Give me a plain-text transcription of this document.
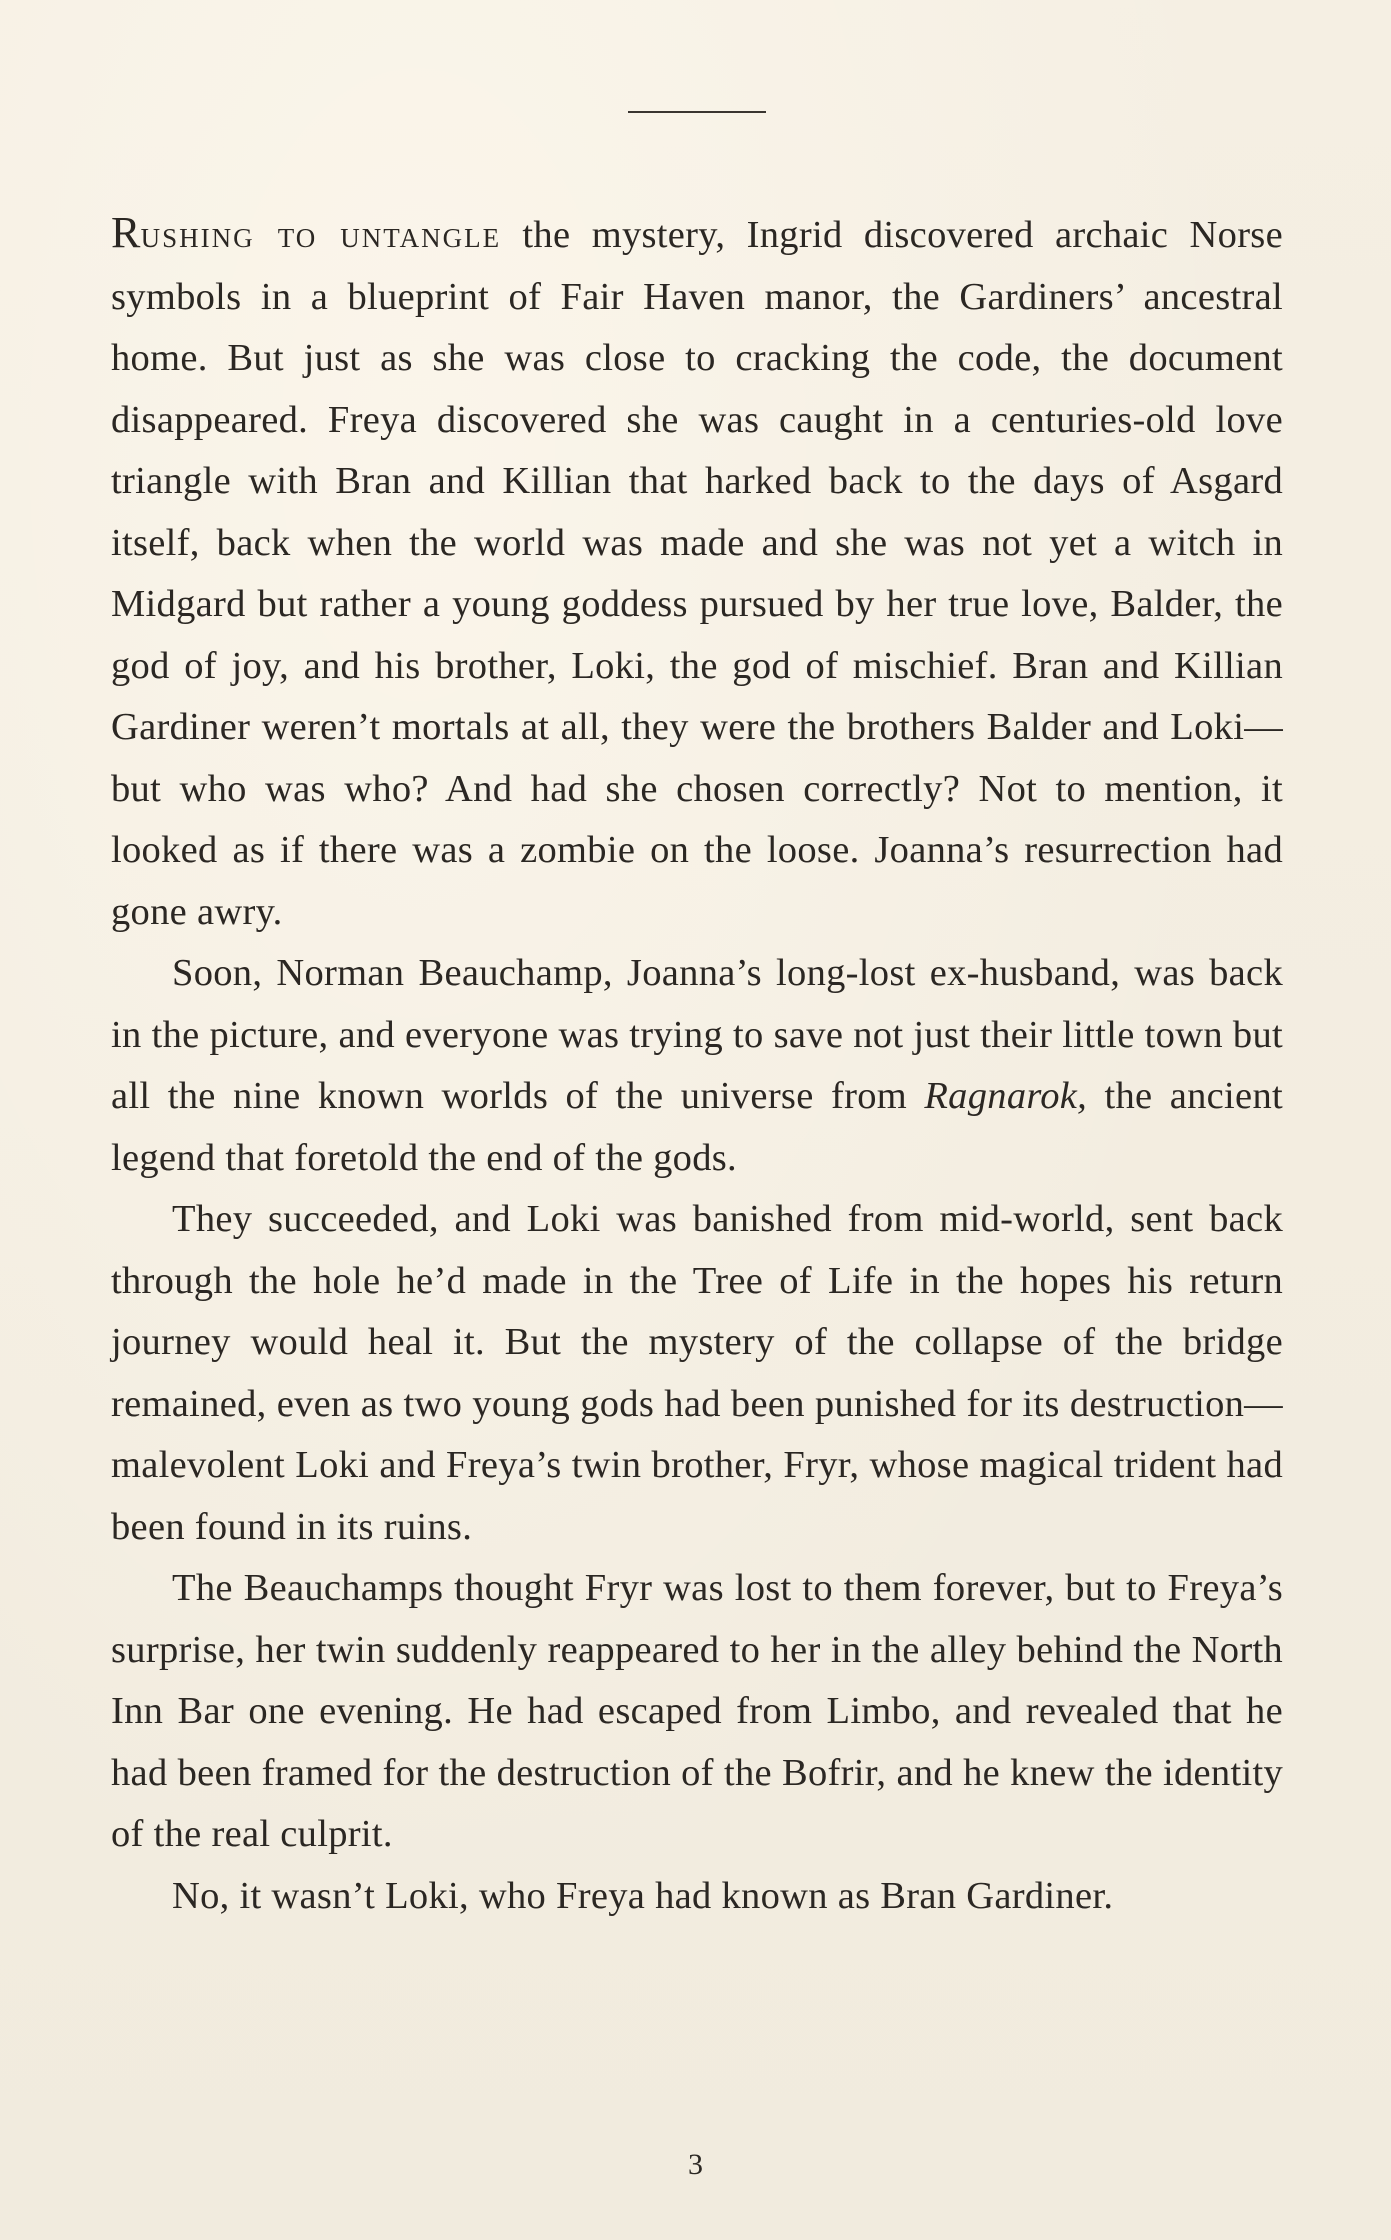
Rushing to untangle the mystery, Ingrid discovered archaic Norse symbols in a blueprint of Fair Haven manor, the Gardiners’ ancestral home. But just as she was close to cracking the code, the document disappeared. Freya discovered she was caught in a centuries-old love triangle with Bran and Killian that harked back to the days of Asgard itself, back when the world was made and she was not yet a witch in Midgard but rather a young goddess pursued by her true love, Balder, the god of joy, and his brother, Loki, the god of mischief. Bran and Killian Gardiner weren’t mortals at all, they were the brothers Balder and Loki—but who was who? And had she chosen correctly? Not to mention, it looked as if there was a zombie on the loose. Joanna’s resurrection had gone awry.

Soon, Norman Beauchamp, Joanna’s long-lost ex-husband, was back in the picture, and everyone was trying to save not just their little town but all the nine known worlds of the universe from Ragnarok, the ancient legend that foretold the end of the gods.

They succeeded, and Loki was banished from mid-world, sent back through the hole he’d made in the Tree of Life in the hopes his return journey would heal it. But the mystery of the collapse of the bridge remained, even as two young gods had been punished for its destruction—malevolent Loki and Freya’s twin brother, Fryr, whose magical trident had been found in its ruins.

The Beauchamps thought Fryr was lost to them forever, but to Freya’s surprise, her twin suddenly reappeared to her in the alley behind the North Inn Bar one evening. He had escaped from Limbo, and revealed that he had been framed for the destruction of the Bofrir, and he knew the identity of the real culprit.

No, it wasn’t Loki, who Freya had known as Bran Gardiner.

3
